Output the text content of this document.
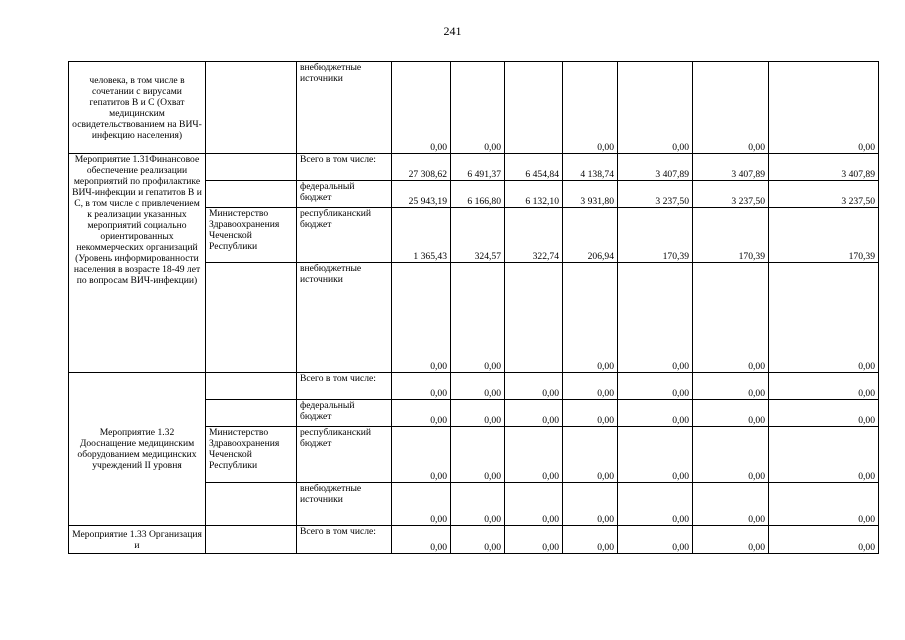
241
человека, в том числе в сочетании с вирусами гепатитов В и С (Охват медицинским освидетельствованием на ВИЧ-инфекцию населения)		внебюджетные источники	0,00	0,00		0,00	0,00	0,00	0,00
Мероприятие 1.31Финансовое обеспечение реализации мероприятий по профилактике ВИЧ-инфекции и гепатитов В и С, в том числе с привлечением к реализации указанных мероприятий социально ориентированных некоммерческих организаций (Уровень информированности населения в возрасте 18-49 лет по вопросам ВИЧ-инфекции)		Всего в том числе:	27 308,62	6 491,37	6 454,84	4 138,74	3 407,89	3 407,89	3 407,89
		федеральный бюджет	25 943,19	6 166,80	6 132,10	3 931,80	3 237,50	3 237,50	3 237,50
	Министерство Здравоохранения Чеченской Республики	республиканский бюджет	1 365,43	324,57	322,74	206,94	170,39	170,39	170,39
		внебюджетные источники	0,00	0,00		0,00	0,00	0,00	0,00
Мероприятие 1.32 Дооснащение медицинским оборудованием медицинских учреждений II уровня		Всего в том числе:	0,00	0,00	0,00	0,00	0,00	0,00	0,00
		федеральный бюджет	0,00	0,00	0,00	0,00	0,00	0,00	0,00
	Министерство Здравоохранения Чеченской Республики	республиканский бюджет	0,00	0,00	0,00	0,00	0,00	0,00	0,00
		внебюджетные источники	0,00	0,00	0,00	0,00	0,00	0,00	0,00
Мероприятие 1.33 Организация и		Всего в том числе:	0,00	0,00	0,00	0,00	0,00	0,00	0,00
